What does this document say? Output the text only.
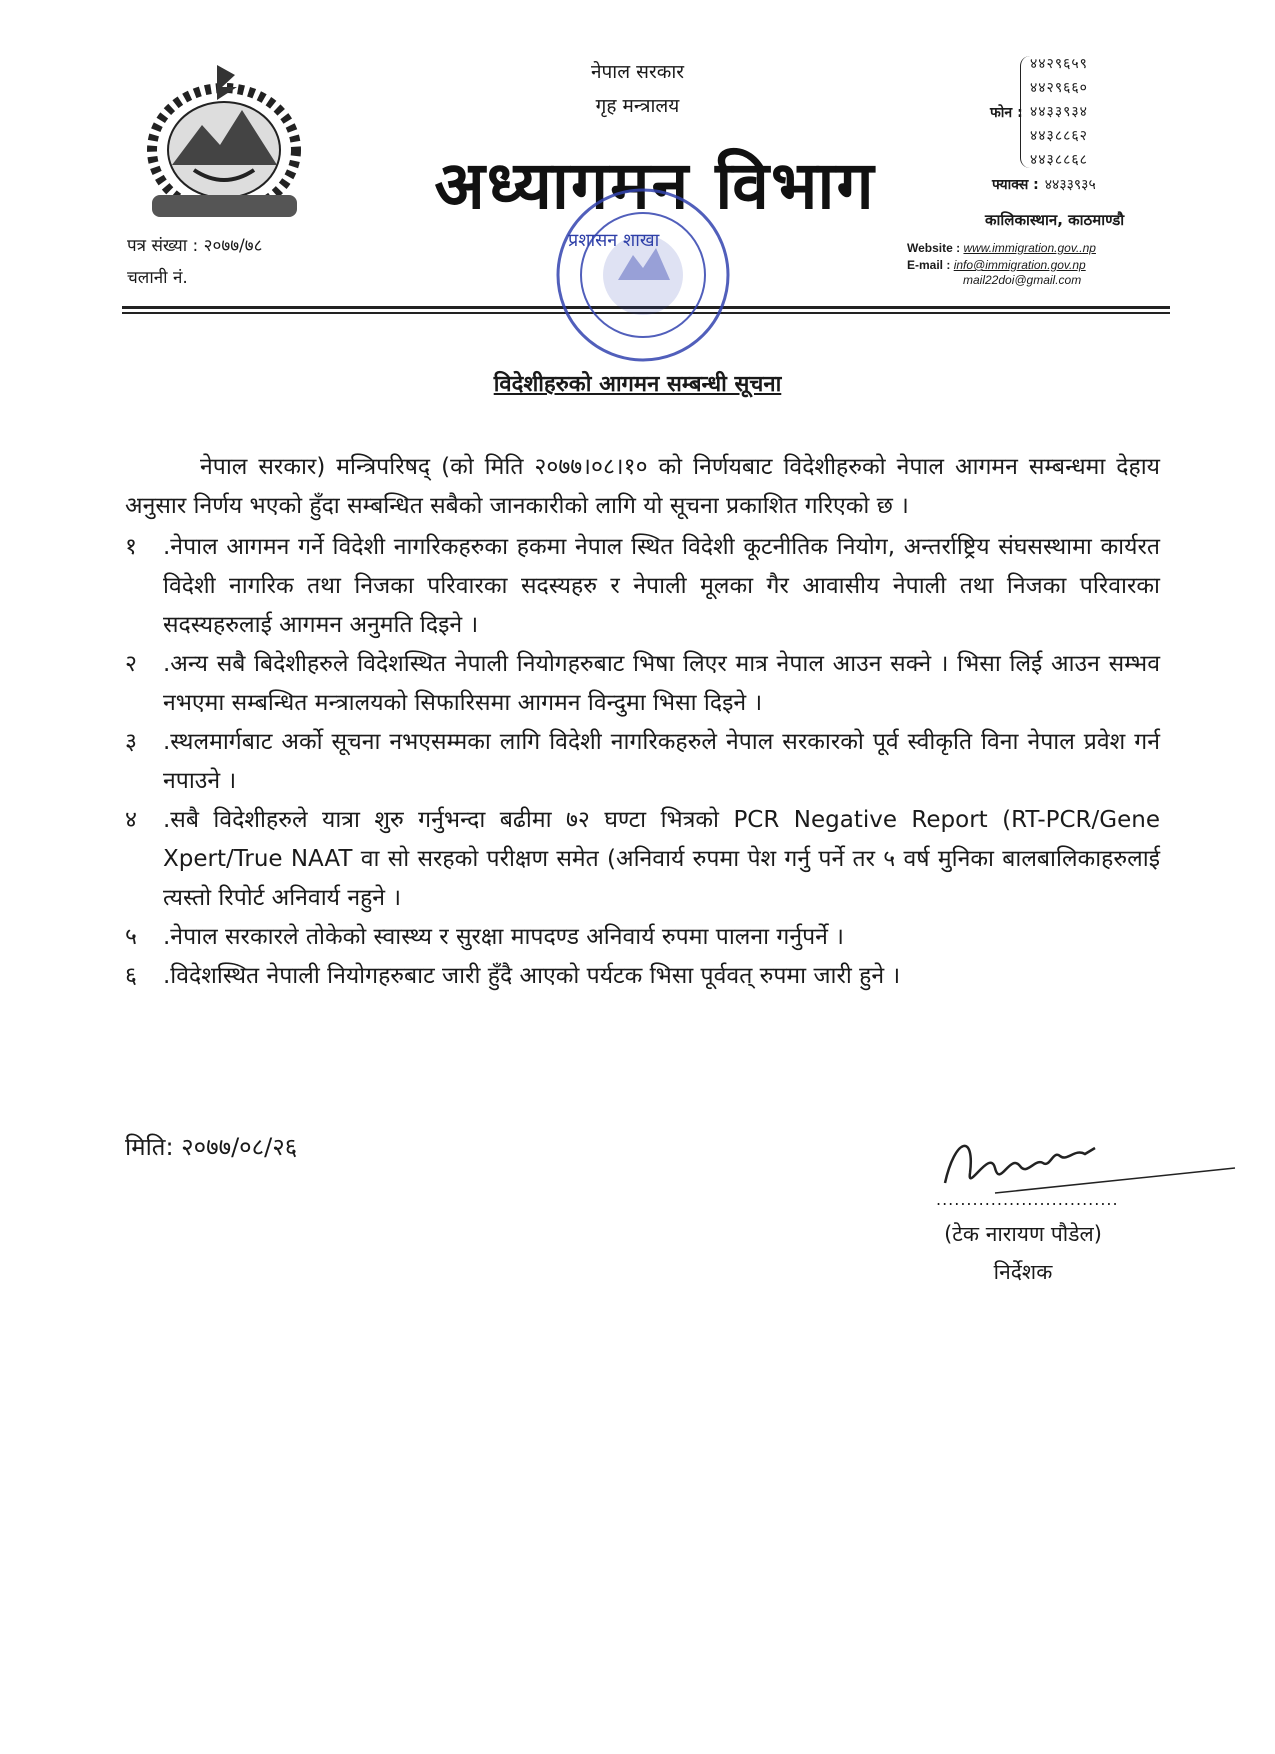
नेपाल सरकार
गृह मन्त्रालय
अध्यागमन विभाग
पत्र संख्या : २०७७/७८
चलानी नं.
फोन :
४४२९६५९
४४२९६६०
४४३३९३४
४४३८८६२
४४३८८६८
फ्याक्स : ४४३३९३५
कालिकास्थान, काठमाण्डौ
Website : www.immigration.gov..np
E-mail : info@immigration.gov.np
mail22doi@gmail.com
प्रशासन शाखा
विदेशीहरुको आगमन सम्बन्धी सूचना

नेपाल सरकार) मन्त्रिपरिषद् (को मिति २०७७।०८।१० को निर्णयबाट विदेशीहरुको नेपाल आगमन सम्बन्धमा देहाय अनुसार निर्णय भएको हुँदा सम्बन्धित सबैको जानकारीको लागि यो सूचना प्रकाशित गरिएको छ ।

१	.नेपाल आगमन गर्ने विदेशी नागरिकहरुका हकमा नेपाल स्थित विदेशी कूटनीतिक नियोग, अन्तर्राष्ट्रिय संघसस्थामा कार्यरत विदेशी नागरिक तथा निजका परिवारका सदस्यहरु र नेपाली मूलका गैर आवासीय नेपाली तथा निजका परिवारका सदस्यहरुलाई आगमन अनुमति दिइने ।
२	.अन्य सबै बिदेशीहरुले विदेशस्थित नेपाली नियोगहरुबाट भिषा लिएर मात्र नेपाल आउन सक्ने । भिसा लिई आउन सम्भव नभएमा सम्बन्धित मन्त्रालयको सिफारिसमा आगमन विन्दुमा भिसा दिइने ।
३	.स्थलमार्गबाट अर्को सूचना नभएसम्मका लागि विदेशी नागरिकहरुले नेपाल सरकारको पूर्व स्वीकृति विना नेपाल प्रवेश गर्न नपाउने ।
४	.सबै विदेशीहरुले यात्रा शुरु गर्नुभन्दा बढीमा ७२ घण्टा भित्रको PCR Negative Report (RT-PCR/Gene Xpert/True NAAT वा सो सरहको परीक्षण समेत (अनिवार्य रुपमा पेश गर्नु पर्ने तर ५ वर्ष मुनिका बालबालिकाहरुलाई त्यस्तो रिपोर्ट अनिवार्य नहुने ।
५	.नेपाल सरकारले तोकेको स्वास्थ्य र सुरक्षा मापदण्ड अनिवार्य रुपमा पालना गर्नुपर्ने ।
६	.विदेशस्थित नेपाली नियोगहरुबाट जारी हुँदै आएको पर्यटक भिसा पूर्ववत् रुपमा जारी हुने ।
मिति: २०७७/०८/२६
..............................
(टेक नारायण पौडेल)
निर्देशक
